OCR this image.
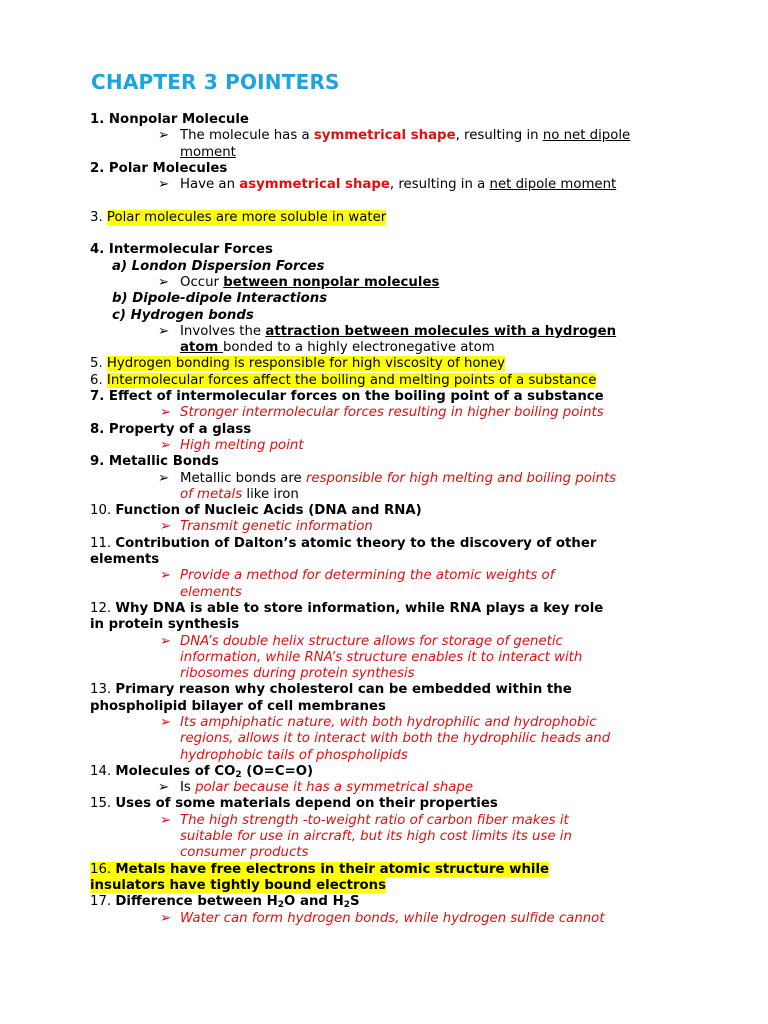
CHAPTER 3 POINTERS
1. Nonpolar Molecule
➢ The molecule has a symmetrical shape, resulting in no net dipole
moment
2. Polar Molecules
➢ Have an asymmetrical shape, resulting in a net dipole moment
3. Polar molecules are more soluble in water
4. Intermolecular Forces
a) London Dispersion Forces
➢ Occur between nonpolar molecules
b) Dipole-dipole Interactions
c) Hydrogen bonds
➢ Involves the attraction between molecules with a hydrogen
atom bonded to a highly electronegative atom
5. Hydrogen bonding is responsible for high viscosity of honey
6. Intermolecular forces affect the boiling and melting points of a substance
7. Effect of intermolecular forces on the boiling point of a substance
➢ Stronger intermolecular forces resulting in higher boiling points
8. Property of a glass
➢ High melting point
9. Metallic Bonds
➢ Metallic bonds are responsible for high melting and boiling points
of metals like iron
10. Function of Nucleic Acids (DNA and RNA)
➢ Transmit genetic information
11. Contribution of Dalton’s atomic theory to the discovery of other
elements
➢ Provide a method for determining the atomic weights of
elements
12. Why DNA is able to store information, while RNA plays a key role
in protein synthesis
➢ DNA’s double helix structure allows for storage of genetic
information, while RNA’s structure enables it to interact with
ribosomes during protein synthesis
13. Primary reason why cholesterol can be embedded within the
phospholipid bilayer of cell membranes
➢ Its amphiphatic nature, with both hydrophilic and hydrophobic
regions, allows it to interact with both the hydrophilic heads and
hydrophobic tails of phospholipids
14. Molecules of $CO_2$ (O=C=O)
➢ Is polar because it has a symmetrical shape
15. Uses of some materials depend on their properties
➢ The high strength -to-weight ratio of carbon fiber makes it
suitable for use in aircraft, but its high cost limits its use in
consumer products
16. Metals have free electrons in their atomic structure while
insulators have tightly bound electrons
17. Difference between $H_2O$ and $H_2S$
➢ Water can form hydrogen bonds, while hydrogen sulfide cannot
